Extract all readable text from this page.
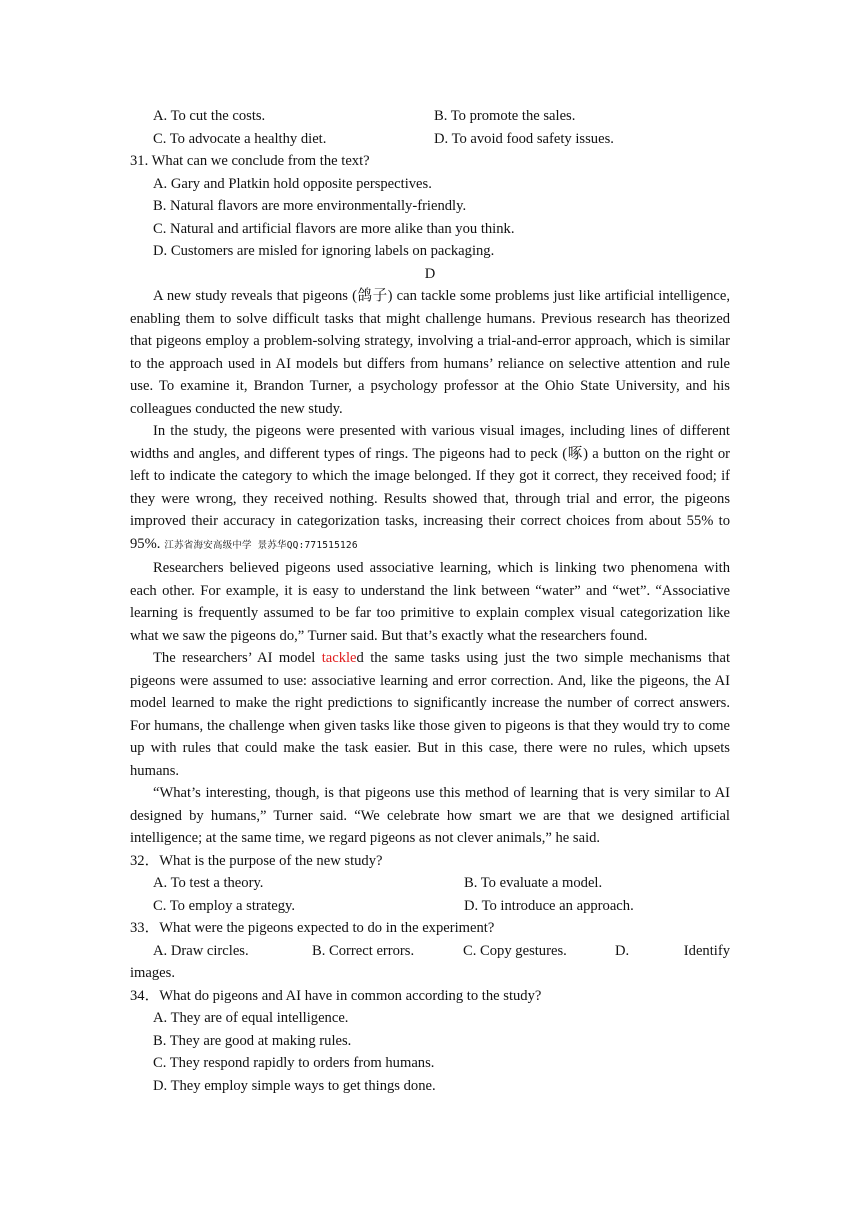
A. To cut the costs.	B. To promote the sales.
C. To advocate a healthy diet.	D. To avoid food safety issues.
31. What can we conclude from the text?
A. Gary and Platkin hold opposite perspectives.
B. Natural flavors are more environmentally-friendly.
C. Natural and artificial flavors are more alike than you think.
D. Customers are misled for ignoring labels on packaging.
D
A new study reveals that pigeons (鸽子) can tackle some problems just like artificial intelligence, enabling them to solve difficult tasks that might challenge humans. Previous research has theorized that pigeons employ a problem-solving strategy, involving a trial-and-error approach, which is similar to the approach used in AI models but differs from humans’ reliance on selective attention and rule use. To examine it, Brandon Turner, a psychology professor at the Ohio State University, and his colleagues conducted the new study.
In the study, the pigeons were presented with various visual images, including lines of different widths and angles, and different types of rings. The pigeons had to peck (啄) a button on the right or left to indicate the category to which the image belonged. If they got it correct, they received food; if they were wrong, they received nothing. Results showed that, through trial and error, the pigeons improved their accuracy in categorization tasks, increasing their correct choices from about 55% to 95%. 江苏省海安高级中学 景苏华QQ:771515126
Researchers believed pigeons used associative learning, which is linking two phenomena with each other. For example, it is easy to understand the link between “water” and “wet”. “Associative learning is frequently assumed to be far too primitive to explain complex visual categorization like what we saw the pigeons do,” Turner said. But that’s exactly what the researchers found.
The researchers’ AI model tackled the same tasks using just the two simple mechanisms that pigeons were assumed to use: associative learning and error correction. And, like the pigeons, the AI model learned to make the right predictions to significantly increase the number of correct answers. For humans, the challenge when given tasks like those given to pigeons is that they would try to come up with rules that could make the task easier. But in this case, there were no rules, which upsets humans.
“What’s interesting, though, is that pigeons use this method of learning that is very similar to AI designed by humans,” Turner said. “We celebrate how smart we are that we designed artificial intelligence; at the same time, we regard pigeons as not clever animals,” he said.
32．What is the purpose of the new study?
A. To test a theory.	B. To evaluate a model.
C. To employ a strategy.	D. To introduce an approach.
33．What were the pigeons expected to do in the experiment?
A. Draw circles.	B. Correct errors.	C. Copy gestures.	D.	Identify
images.
34．What do pigeons and AI have in common according to the study?
A. They are of equal intelligence.
B. They are good at making rules.
C. They respond rapidly to orders from humans.
D. They employ simple ways to get things done.
